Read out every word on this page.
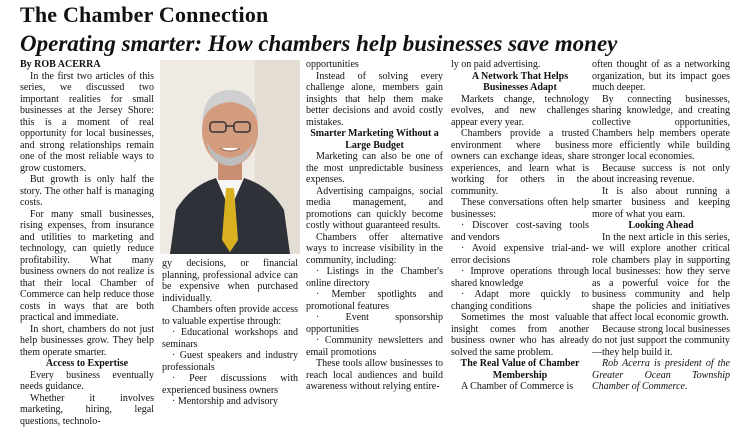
The Chamber Connection
Operating smarter: How chambers help businesses save money

By ROB ACERRA

In the first two articles of this series, we discussed two important realities for small businesses at the Jersey Shore: this is a moment of real opportunity for local businesses, and strong relationships remain one of the most reliable ways to grow customers.

But growth is only half the story. The other half is managing costs.

For many small businesses, rising expenses, from insurance and utilities to marketing and technology, can quietly reduce profitability. What many business owners do not realize is that their local Chamber of Commerce can help reduce those costs in ways that are both practical and immediate.

In short, chambers do not just help businesses grow. They help them operate smarter.

Access to Expertise

Every business eventually needs guidance.

Whether it involves marketing, hiring, legal questions, technolo-

gy decisions, or financial planning, professional advice can be expensive when purchased individually.

Chambers often provide access to valuable expertise through:

· Educational workshops and seminars

· Guest speakers and industry professionals

· Peer discussions with experienced business owners

· Mentorship and advisory

opportunities

Instead of solving every challenge alone, members gain insights that help them make better decisions and avoid costly mistakes.

Smarter Marketing Without a Large Budget

Marketing can also be one of the most unpredictable business expenses.

Advertising campaigns, social media management, and promotions can quickly become costly without guaranteed results.

Chambers offer alternative ways to increase visibility in the community, including:

· Listings in the Chamber's online directory

· Member spotlights and promotional features

· Event sponsorship opportunities

· Community newsletters and email promotions

These tools allow businesses to reach local audiences and build awareness without relying entire-

ly on paid advertising.

A Network That Helps Businesses Adapt

Markets change, technology evolves, and new challenges appear every year.

Chambers provide a trusted environment where business owners can exchange ideas, share experiences, and learn what is working for others in the community.

These conversations often help businesses:

· Discover cost-saving tools and vendors

· Avoid expensive trial-and-error decisions

· Improve operations through shared knowledge

· Adapt more quickly to changing conditions

Sometimes the most valuable insight comes from another business owner who has already solved the same problem.

The Real Value of Chamber Membership

A Chamber of Commerce is

often thought of as a networking organization, but its impact goes much deeper.

By connecting businesses, sharing knowledge, and creating collective opportunities, Chambers help members operate more efficiently while building stronger local economies.

Because success is not only about increasing revenue.

It is also about running a smarter business and keeping more of what you earn.

Looking Ahead

In the next article in this series, we will explore another critical role chambers play in supporting local businesses: how they serve as a powerful voice for the business community and help shape the policies and initiatives that affect local economic growth.

Because strong local businesses do not just support the community—they help build it.

Rob Acerra is president of the Greater Ocean Township Chamber of Commerce.
